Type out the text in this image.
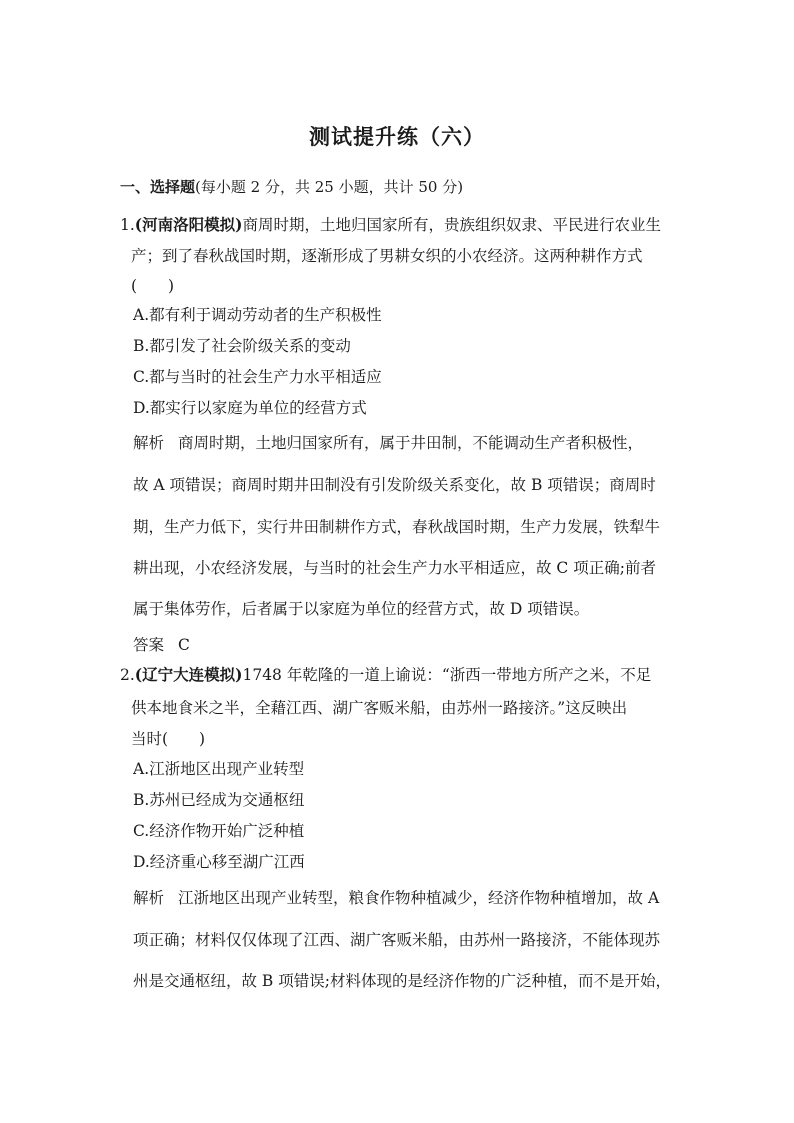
测试提升练（六）
一、选择题(每小题 2 分，共 25 小题，共计 50 分)
1.(河南洛阳模拟)商周时期，土地归国家所有，贵族组织奴隶、平民进行农业生
产；到了春秋战国时期，逐渐形成了男耕女织的小农经济。这两种耕作方式
(　　)
A.都有利于调动劳动者的生产积极性
B.都引发了社会阶级关系的变动
C.都与当时的社会生产力水平相适应
D.都实行以家庭为单位的经营方式
解析 商周时期，土地归国家所有，属于井田制，不能调动生产者积极性，
故 A 项错误；商周时期井田制没有引发阶级关系变化，故 B 项错误；商周时
期，生产力低下，实行井田制耕作方式，春秋战国时期，生产力发展，铁犁牛
耕出现，小农经济发展，与当时的社会生产力水平相适应，故 C 项正确;前者
属于集体劳作，后者属于以家庭为单位的经营方式，故 D 项错误。
答案 C
2.(辽宁大连模拟)1748 年乾隆的一道上谕说：“浙西一带地方所产之米，不足
供本地食米之半，全藉江西、湖广客贩米船，由苏州一路接济。”这反映出
当时(　　)
A.江浙地区出现产业转型
B.苏州已经成为交通枢纽
C.经济作物开始广泛种植
D.经济重心移至湖广江西
解析 江浙地区出现产业转型，粮食作物种植减少，经济作物种植增加，故 A
项正确；材料仅仅体现了江西、湖广客贩米船，由苏州一路接济，不能体现苏
州是交通枢纽，故 B 项错误;材料体现的是经济作物的广泛种植，而不是开始，
